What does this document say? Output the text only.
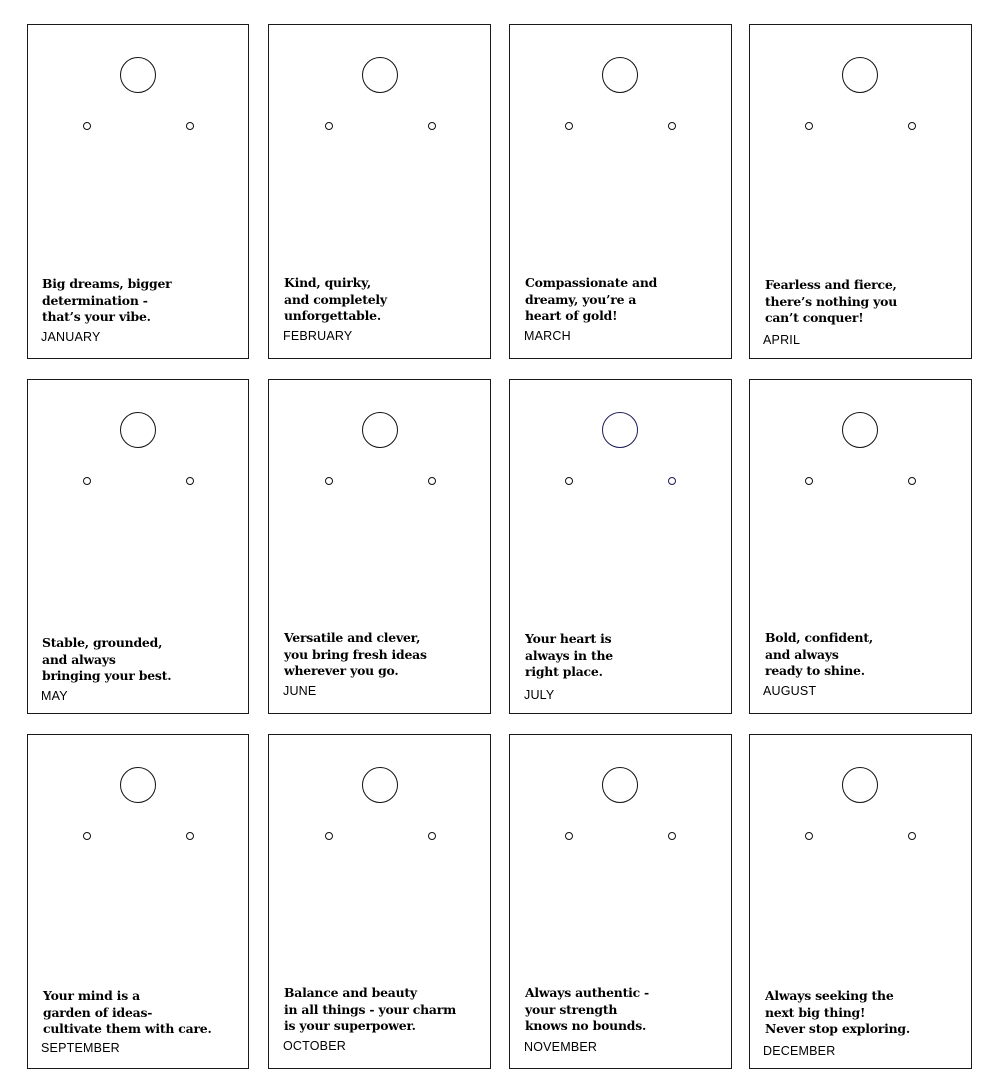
Big dreams, bigger
determination -
that’s your vibe.

JANUARY

Kind, quirky,
and completely
unforgettable.

FEBRUARY

Compassionate and
dreamy, you’re a
heart of gold!

MARCH

Fearless and fierce,
there’s nothing you
can’t conquer!

APRIL

Stable, grounded,
and always
bringing your best.

MAY

Versatile and clever,
you bring fresh ideas
wherever you go.

JUNE

Your heart is
always in the
right place.

JULY

Bold, confident,
and always
ready to shine.

AUGUST

Your mind is a
garden of ideas-
cultivate them with care.

SEPTEMBER

Balance and beauty
in all things - your charm
is your superpower.

OCTOBER

Always authentic -
your strength
knows no bounds.

NOVEMBER

Always seeking the
next big thing!
Never stop exploring.

DECEMBER
